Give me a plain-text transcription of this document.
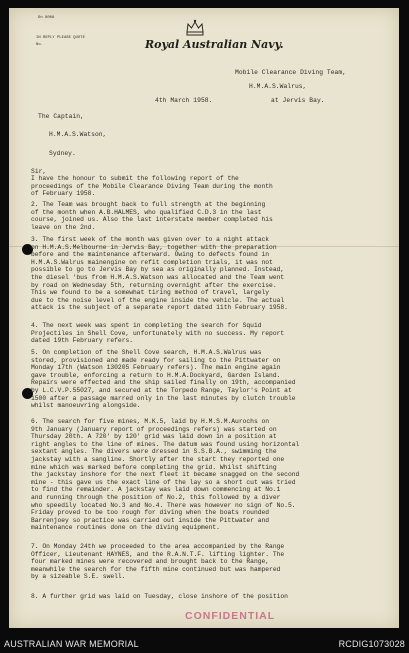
Dn 8008
IN REPLY PLEASE QUOTE
No.	Royal Australian Navy.
Mobile Clearance Diving Team,
H.M.A.S.Walrus,
4th March 1958.	at Jervis Bay.
The Captain,
H.M.A.S.Watson,
Sydney.
Sir,

I have the honour to submit the following report of the

proceedings of the Mobile Clearance Diving Team during the month

of February 1958.

2. The Team was brought back to full strength at the beginning

of the month when A.B.HALMES, who qualified C.D.3 in the last

course, joined us. Also the last interstate member completed his

leave on the 2nd.

3. The first week of the month was given over to a night attack

on H.M.A.S.Melbourne in Jervis Bay, together with the preparation

before and the maintenance afterward. Owing to defects found in

H.M.A.S.Walrus mainengine on refit completion trials, it was not

possible to go to Jervis Bay by sea as originally planned. Instead,

the diesel 'bus from H.M.A.S.Watson was allocated and the Team went

by road on Wednesday 5th, returning overnight after the exercise.

This we found to be a somewhat tiring method of travel, largely

due to the noise level of the engine inside the vehicle. The actual

attack is the subject of a separate report dated 11th February 1958.

4. The next week was spent in completing the search for Squid

Projectiles in Shell Cove, unfortunately with no success. My report

dated 19th February refers.

5. On completion of the Shell Cove search, H.M.A.S.Walrus was

stored, provisioned and made ready for sailing to the Pittwater on

Monday 17th (Watson 130205 February refers). The main engine again

gave trouble, enforcing a return to H.M.A.Dockyard, Garden Island.

Repairs were effected and the ship sailed finally on 19th, accompanied

by L.C.V.P.55027, and secured at the Torpedo Range, Taylor's Point at

1500 after a passage marred only in the last minutes by clutch trouble

whilst manoeuvring alongside.

6. The search for five mines, M.K.5, laid by H.M.S.M.Aurochs on

9th January (January report of proceedings refers) was started on

Thursday 20th. A 720' by 120' grid was laid down in a position at

right angles to the line of mines. The datum was found using horizontal

sextant angles. The divers were dressed in S.S.B.A., swimming the

jackstay with a sangline. Shortly after the start they reported one

mine which was marked before completing the grid. Whilst shifting

the jackstay inshore for the next fleet it became snagged on the second

mine - this gave us the exact line of the lay so a short cut was tried

to find the remainder. A jackstay was laid down commencing at No.1

and running through the position of No.2, this followed by a diver

who speedily located No.3 and No.4. There was however no sign of No.5.

Friday proved to be too rough for diving when the boats rounded

Barrenjoey so practice was carried out inside the Pittwater and

maintenance routines done on the diving equipment.

7. On Monday 24th we proceeded to the area accompanied by the Range

Officer, Lieutenant HAYNES, and the R.A.N.T.F. lifting lighter. The

four marked mines were recovered and brought back to the Range,

meanwhile the search for the fifth mine continued but was hampered

by a sizeable S.E. swell.

8. A further grid was laid on Tuesday, close inshore of the position

CONFIDENTIAL
AUSTRALIAN WAR MEMORIAL	RCDIG1073028
